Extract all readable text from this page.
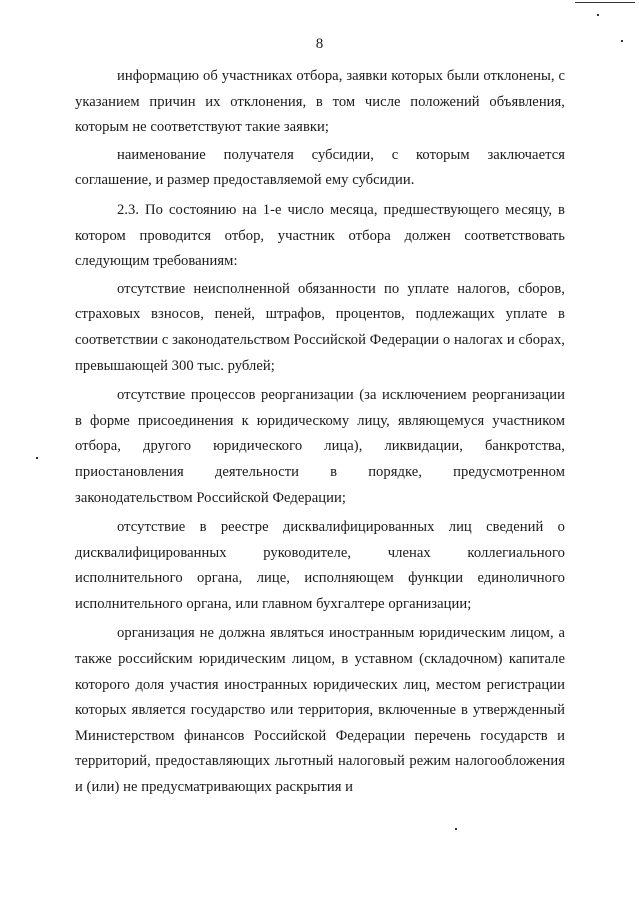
8

информацию об участниках отбора, заявки которых были отклонены, с указанием причин их отклонения, в том числе положений объявления, которым не соответствуют такие заявки;

наименование получателя субсидии, с которым заключается соглашение, и размер предоставляемой ему субсидии.

2.3. По состоянию на 1-е число месяца, предшествующего месяцу, в котором проводится отбор, участник отбора должен соответствовать следующим требованиям:

отсутствие неисполненной обязанности по уплате налогов, сборов, страховых взносов, пеней, штрафов, процентов, подлежащих уплате в соответствии с законодательством Российской Федерации о налогах и сборах, превышающей 300 тыс. рублей;

отсутствие процессов реорганизации (за исключением реорганизации в форме присоединения к юридическому лицу, являющемуся участником отбора, другого юридического лица), ликвидации, банкротства, приостановления деятельности в порядке, предусмотренном законодательством Российской Федерации;

отсутствие в реестре дисквалифицированных лиц сведений о дисквалифицированных руководителе, членах коллегиального исполнительного органа, лице, исполняющем функции единоличного исполнительного органа, или главном бухгалтере организации;

организация не должна являться иностранным юридическим лицом, а также российским юридическим лицом, в уставном (складочном) капитале которого доля участия иностранных юридических лиц, местом регистрации которых является государство или территория, включенные в утвержденный Министерством финансов Российской Федерации перечень государств и территорий, предоставляющих льготный налоговый режим налогообложения и (или) не предусматривающих раскрытия и
